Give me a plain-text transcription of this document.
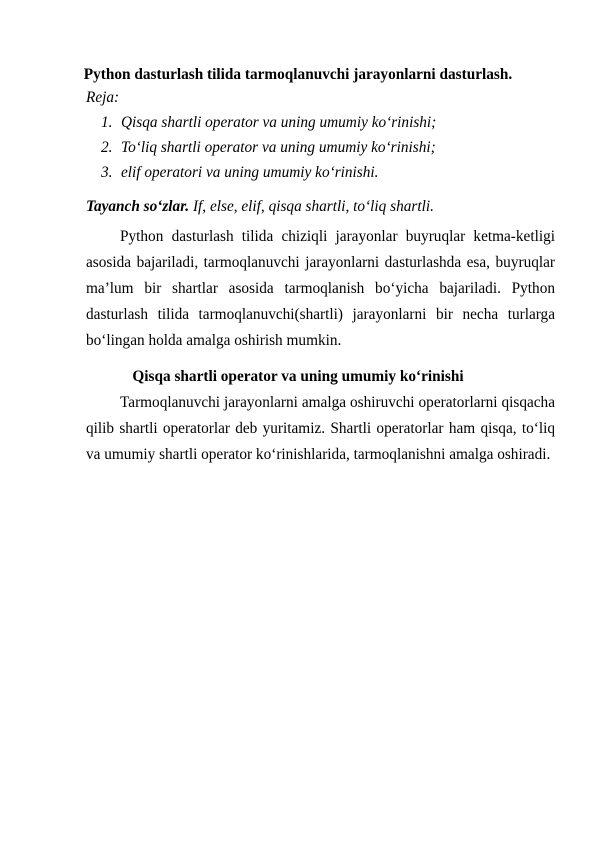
Python dasturlash tilida tarmoqlanuvchi jarayonlarni dasturlash.
Reja:
1. Qisqa shartli operator va uning umumiy ko‘rinishi;
2. To‘liq shartli operator va uning umumiy ko‘rinishi;
3. elif operatori va uning umumiy ko‘rinishi.
Tayanch so‘zlar. If, else, elif, qisqa shartli, to‘liq shartli.
Python dasturlash tilida chiziqli jarayonlar buyruqlar ketma-ketligi asosida bajariladi, tarmoqlanuvchi jarayonlarni dasturlashda esa, buyruqlar ma’lum bir shartlar asosida tarmoqlanish bo‘yicha bajariladi. Python dasturlash tilida tarmoqlanuvchi(shartli) jarayonlarni bir necha turlarga bo‘lingan holda amalga oshirish mumkin.
Qisqa shartli operator va uning umumiy ko‘rinishi
Tarmoqlanuvchi jarayonlarni amalga oshiruvchi operatorlarni qisqacha qilib shartli operatorlar deb yuritamiz. Shartli operatorlar ham qisqa, to‘liq va umumiy shartli operator ko‘rinishlarida, tarmoqlanishni amalga oshiradi.
